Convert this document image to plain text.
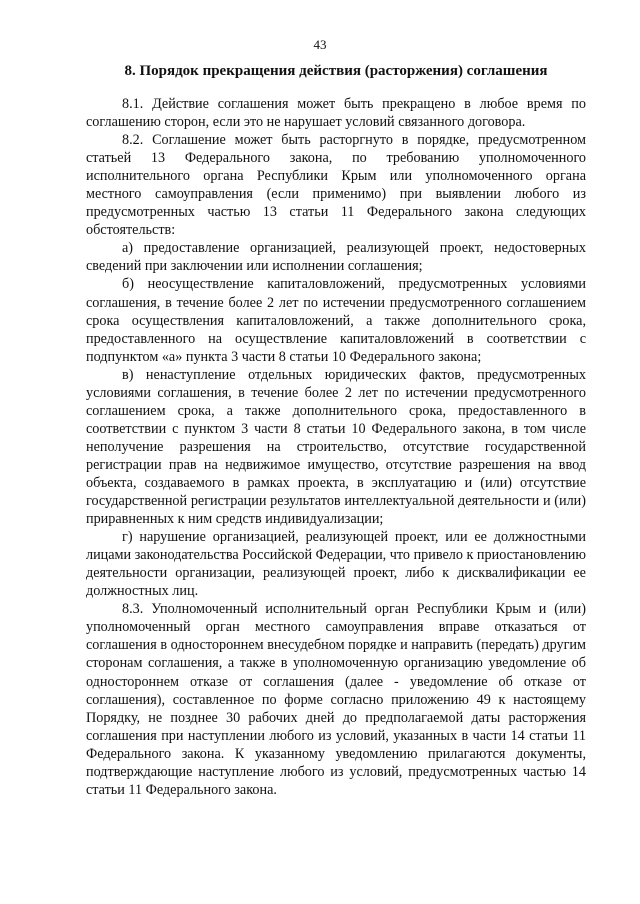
43
8. Порядок прекращения действия (расторжения) соглашения

8.1. Действие соглашения может быть прекращено в любое время по соглашению сторон, если это не нарушает условий связанного договора.

8.2. Соглашение может быть расторгнуто в порядке, предусмотренном статьей 13 Федерального закона, по требованию уполномоченного исполнительного органа Республики Крым или уполномоченного органа местного самоуправления (если применимо) при выявлении любого из предусмотренных частью 13 статьи 11 Федерального закона следующих обстоятельств:

а) предоставление организацией, реализующей проект, недостоверных сведений при заключении или исполнении соглашения;

б) неосуществление капиталовложений, предусмотренных условиями соглашения, в течение более 2 лет по истечении предусмотренного соглашением срока осуществления капиталовложений, а также дополнительного срока, предоставленного на осуществление капиталовложений в соответствии с подпунктом «а» пункта 3 части 8 статьи 10 Федерального закона;

в) ненаступление отдельных юридических фактов, предусмотренных условиями соглашения, в течение более 2 лет по истечении предусмотренного соглашением срока, а также дополнительного срока, предоставленного в соответствии с пунктом 3 части 8 статьи 10 Федерального закона, в том числе неполучение разрешения на строительство, отсутствие государственной регистрации прав на недвижимое имущество, отсутствие разрешения на ввод объекта, создаваемого в рамках проекта, в эксплуатацию и (или) отсутствие государственной регистрации результатов интеллектуальной деятельности и (или) приравненных к ним средств индивидуализации;

г) нарушение организацией, реализующей проект, или ее должностными лицами законодательства Российской Федерации, что привело к приостановлению деятельности организации, реализующей проект, либо к дисквалификации ее должностных лиц.

8.3. Уполномоченный исполнительный орган Республики Крым и (или) уполномоченный орган местного самоуправления вправе отказаться от соглашения в одностороннем внесудебном порядке и направить (передать) другим сторонам соглашения, а также в уполномоченную организацию уведомление об одностороннем отказе от соглашения (далее - уведомление об отказе от соглашения), составленное по форме согласно приложению 49 к настоящему Порядку, не позднее 30 рабочих дней до предполагаемой даты расторжения соглашения при наступлении любого из условий, указанных в части 14 статьи 11 Федерального закона. К указанному уведомлению прилагаются документы, подтверждающие наступление любого из условий, предусмотренных частью 14 статьи 11 Федерального закона.
